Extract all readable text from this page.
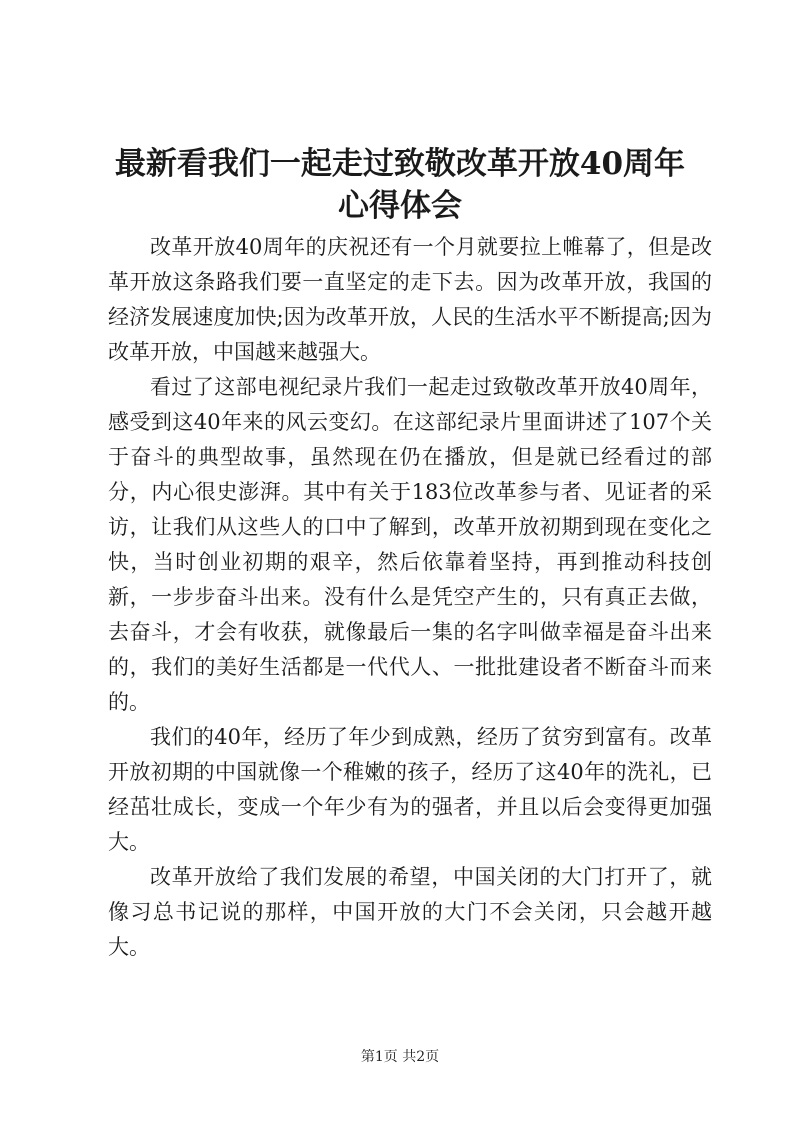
最新看我们一起走过致敬改革开放40周年心得体会

改革开放40周年的庆祝还有一个月就要拉上帷幕了，但是改革开放这条路我们要一直坚定的走下去。因为改革开放，我国的经济发展速度加快;因为改革开放，人民的生活水平不断提高;因为改革开放，中国越来越强大。

看过了这部电视纪录片我们一起走过致敬改革开放40周年，感受到这40年来的风云变幻。在这部纪录片里面讲述了107个关于奋斗的典型故事，虽然现在仍在播放，但是就已经看过的部分，内心很史澎湃。其中有关于183位改革参与者、见证者的采访，让我们从这些人的口中了解到，改革开放初期到现在变化之快，当时创业初期的艰辛，然后依靠着坚持，再到推动科技创新，一步步奋斗出来。没有什么是凭空产生的，只有真正去做，去奋斗，才会有收获，就像最后一集的名字叫做幸福是奋斗出来的，我们的美好生活都是一代代人、一批批建设者不断奋斗而来的。

我们的40年，经历了年少到成熟，经历了贫穷到富有。改革开放初期的中国就像一个稚嫩的孩子，经历了这40年的洗礼，已经茁壮成长，变成一个年少有为的强者，并且以后会变得更加强大。

改革开放给了我们发展的希望，中国关闭的大门打开了，就像习总书记说的那样，中国开放的大门不会关闭，只会越开越大。

第1页 共2页
